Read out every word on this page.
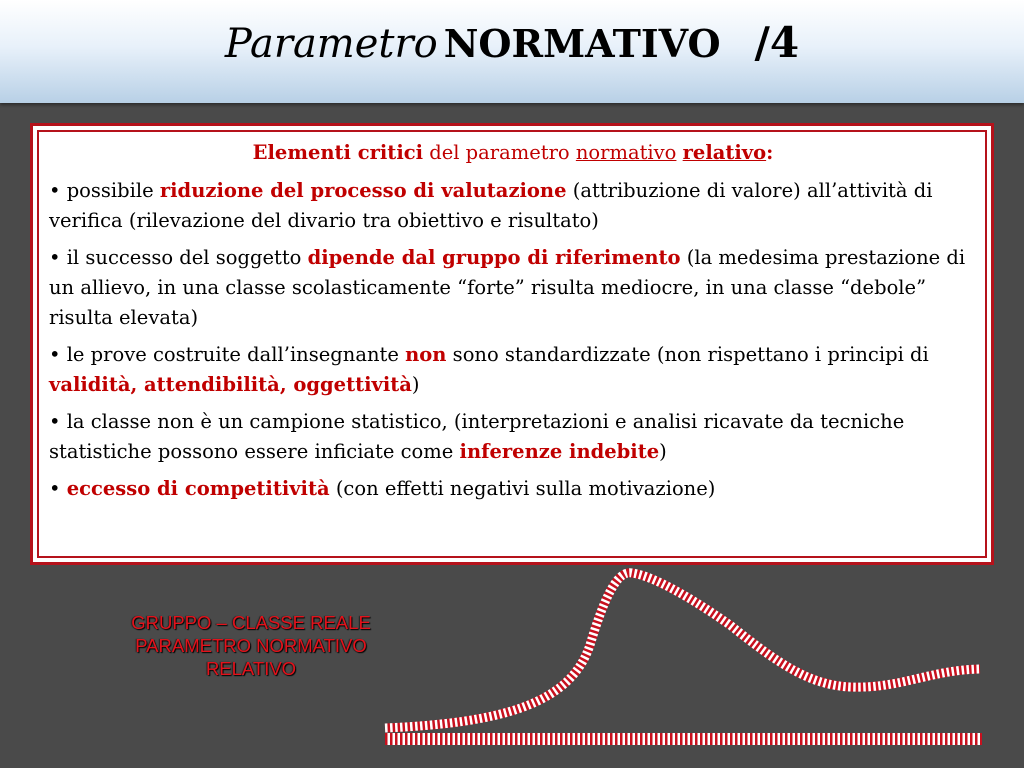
Parametro NORMATIVO /4

Elementi critici del parametro normativo relativo:

• possibile riduzione del processo di valutazione (attribuzione di valore) all’attività di verifica (rilevazione del divario tra obiettivo e risultato)

• il successo del soggetto dipende dal gruppo di riferimento (la medesima prestazione di un allievo, in una classe scolasticamente “forte” risulta mediocre, in una classe “debole” risulta elevata)

• le prove costruite dall’insegnante non sono standardizzate (non rispettano i principi di validità, attendibilità, oggettività)

• la classe non è un campione statistico, (interpretazioni e analisi ricavate da tecniche statistiche possono essere inficiate come inferenze indebite)

• eccesso di competitività (con effetti negativi sulla motivazione)

GRUPPO – CLASSE REALE
PARAMETRO NORMATIVO
RELATIVO
